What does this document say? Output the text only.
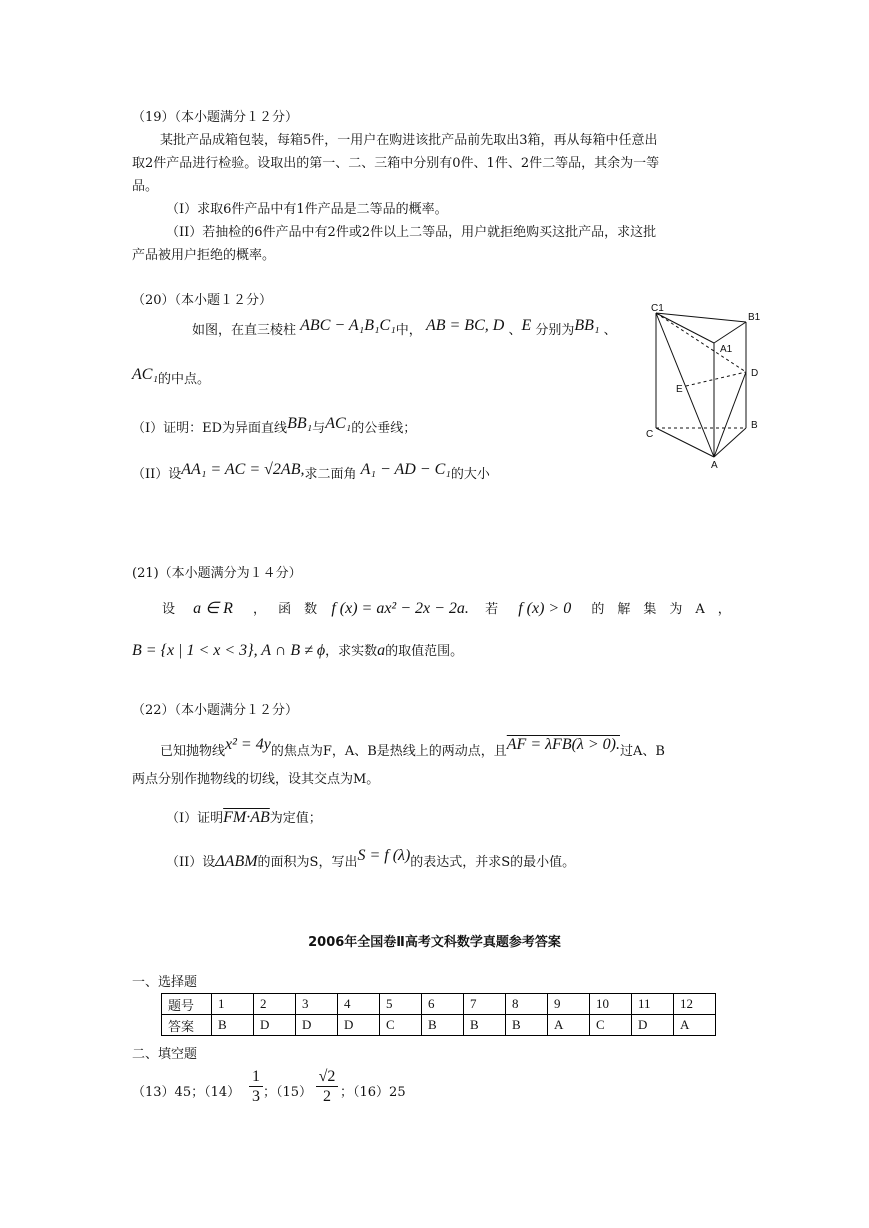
（19）（本小题满分１２分）
某批产品成箱包装，每箱5件，一用户在购进该批产品前先取出3箱，再从每箱中任意出
取2件产品进行检验。设取出的第一、二、三箱中分别有0件、1件、2件二等品，其余为一等
品。
（I）求取6件产品中有1件产品是二等品的概率。
（II）若抽检的6件产品中有2件或2件以上二等品，用户就拒绝购买这批产品，求这批
产品被用户拒绝的概率。
（20）（本小题１２分）
如图，在直三棱柱 ABC − A₁B₁C₁中， AB = BC, D 、E 分别为BB₁ 、
AC₁的中点。
（I）证明：ED为异面直线BB₁与AC₁的公垂线；
（II）设AA₁ = AC = √2AB,求二面角 A₁ − AD − C₁的大小
C1
B1
A1
D
E
B
C
A
(21)（本小题满分为１４分）
设 a ∈ R ， 函　数 f (x) = ax² − 2x − 2a. 若 f (x) > 0 的　解　集　为　A　，
B = {x | 1 < x < 3}, A ∩ B ≠ ϕ，求实数a的取值范围。
（22）（本小题满分１２分）
已知抛物线x² = 4y的焦点为F，A、B是热线上的两动点，且AF = λFB(λ > 0).过A、B
两点分别作抛物线的切线，设其交点为M。
（I）证明FM·AB为定值；
（II）设ΔABM的面积为S，写出S = f (λ)的表达式，并求S的最小值。
2006年全国卷Ⅱ高考文科数学真题参考答案
一、选择题
题号	1	2	3	4	5	6	7	8	9	10	11	12
答案	B	D	D	D	C	B	B	B	A	C	D	A
二、填空题
（13）45；（14）
1
3 ；（15）
√2
2 ；（16）25
